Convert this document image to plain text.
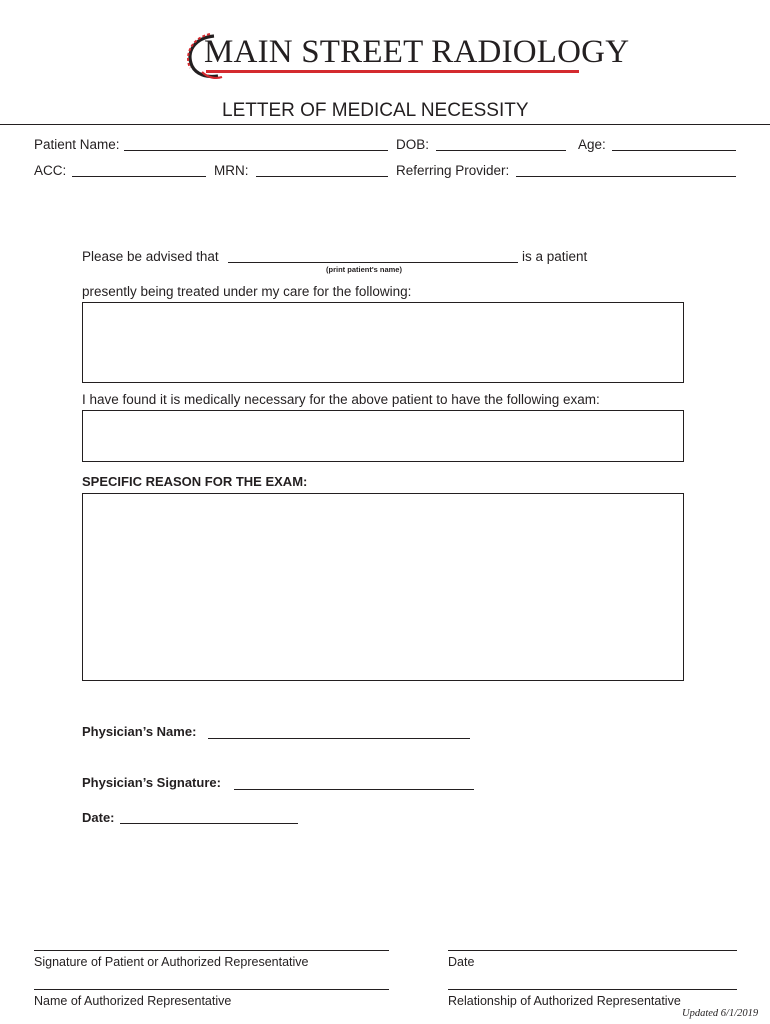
MAIN STREET RADIOLOGY
LETTER OF MEDICAL NECESSITY
Patient Name:	DOB:	Age:
ACC:	MRN:	Referring Provider:
Please be advised that	is a patient
(print patient's name)
presently being treated under my care for the following:
I have found it is medically necessary for the above patient to have the following exam:
SPECIFIC REASON FOR THE EXAM:
Physician’s Name:
Physician’s Signature:
Date:
Signature of Patient or Authorized Representative	Date
Name of Authorized Representative	Relationship of Authorized Representative
Updated 6/1/2019
